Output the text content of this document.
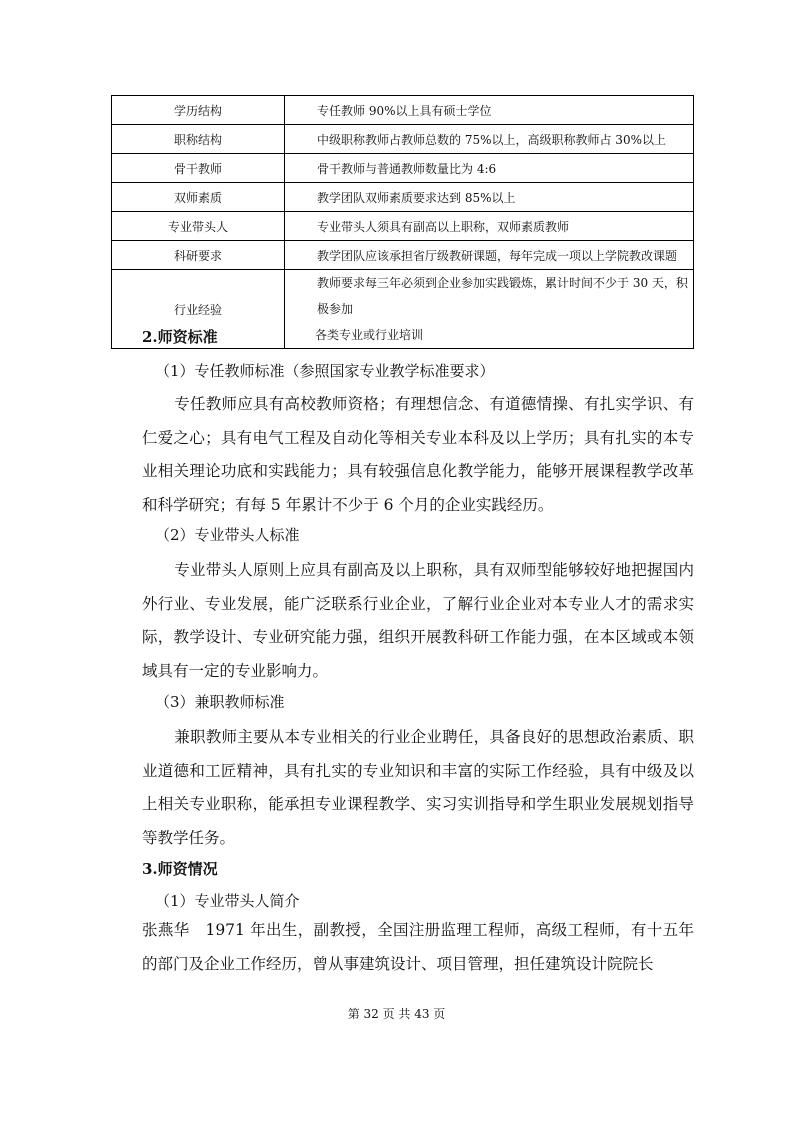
学历结构	专任教师 90%以上具有硕士学位
职称结构	中级职称教师占教师总数的 75%以上，高级职称教师占 30%以上
骨干教师	骨干教师与普通教师数量比为 4:6
双师素质	教学团队双师素质要求达到 85%以上
专业带头人	专业带头人须具有副高以上职称，双师素质教师
科研要求	教学团队应该承担省厅级教研课题，每年完成一项以上学院教改课题
行业经验	教师要求每三年必须到企业参加实践锻炼，累计时间不少于 30 天，积极参加
各类专业或行业培训
2.师资标准
（1）专任教师标准（参照国家专业教学标准要求）
专任教师应具有高校教师资格；有理想信念、有道德情操、有扎实学识、有仁爱之心；具有电气工程及自动化等相关专业本科及以上学历；具有扎实的本专业相关理论功底和实践能力；具有较强信息化教学能力，能够开展课程教学改革和科学研究；有每 5 年累计不少于 6 个月的企业实践经历。
（2）专业带头人标准
专业带头人原则上应具有副高及以上职称，具有双师型能够较好地把握国内外行业、专业发展，能广泛联系行业企业，了解行业企业对本专业人才的需求实际，教学设计、专业研究能力强，组织开展教科研工作能力强，在本区域或本领域具有一定的专业影响力。
（3）兼职教师标准
兼职教师主要从本专业相关的行业企业聘任，具备良好的思想政治素质、职业道德和工匠精神，具有扎实的专业知识和丰富的实际工作经验，具有中级及以上相关专业职称，能承担专业课程教学、实习实训指导和学生职业发展规划指导等教学任务。
3.师资情况
（1）专业带头人简介
张燕华　1971 年出生，副教授，全国注册监理工程师，高级工程师，有十五年的部门及企业工作经历，曾从事建筑设计、项目管理，担任建筑设计院院长
第 32 页 共 43 页
